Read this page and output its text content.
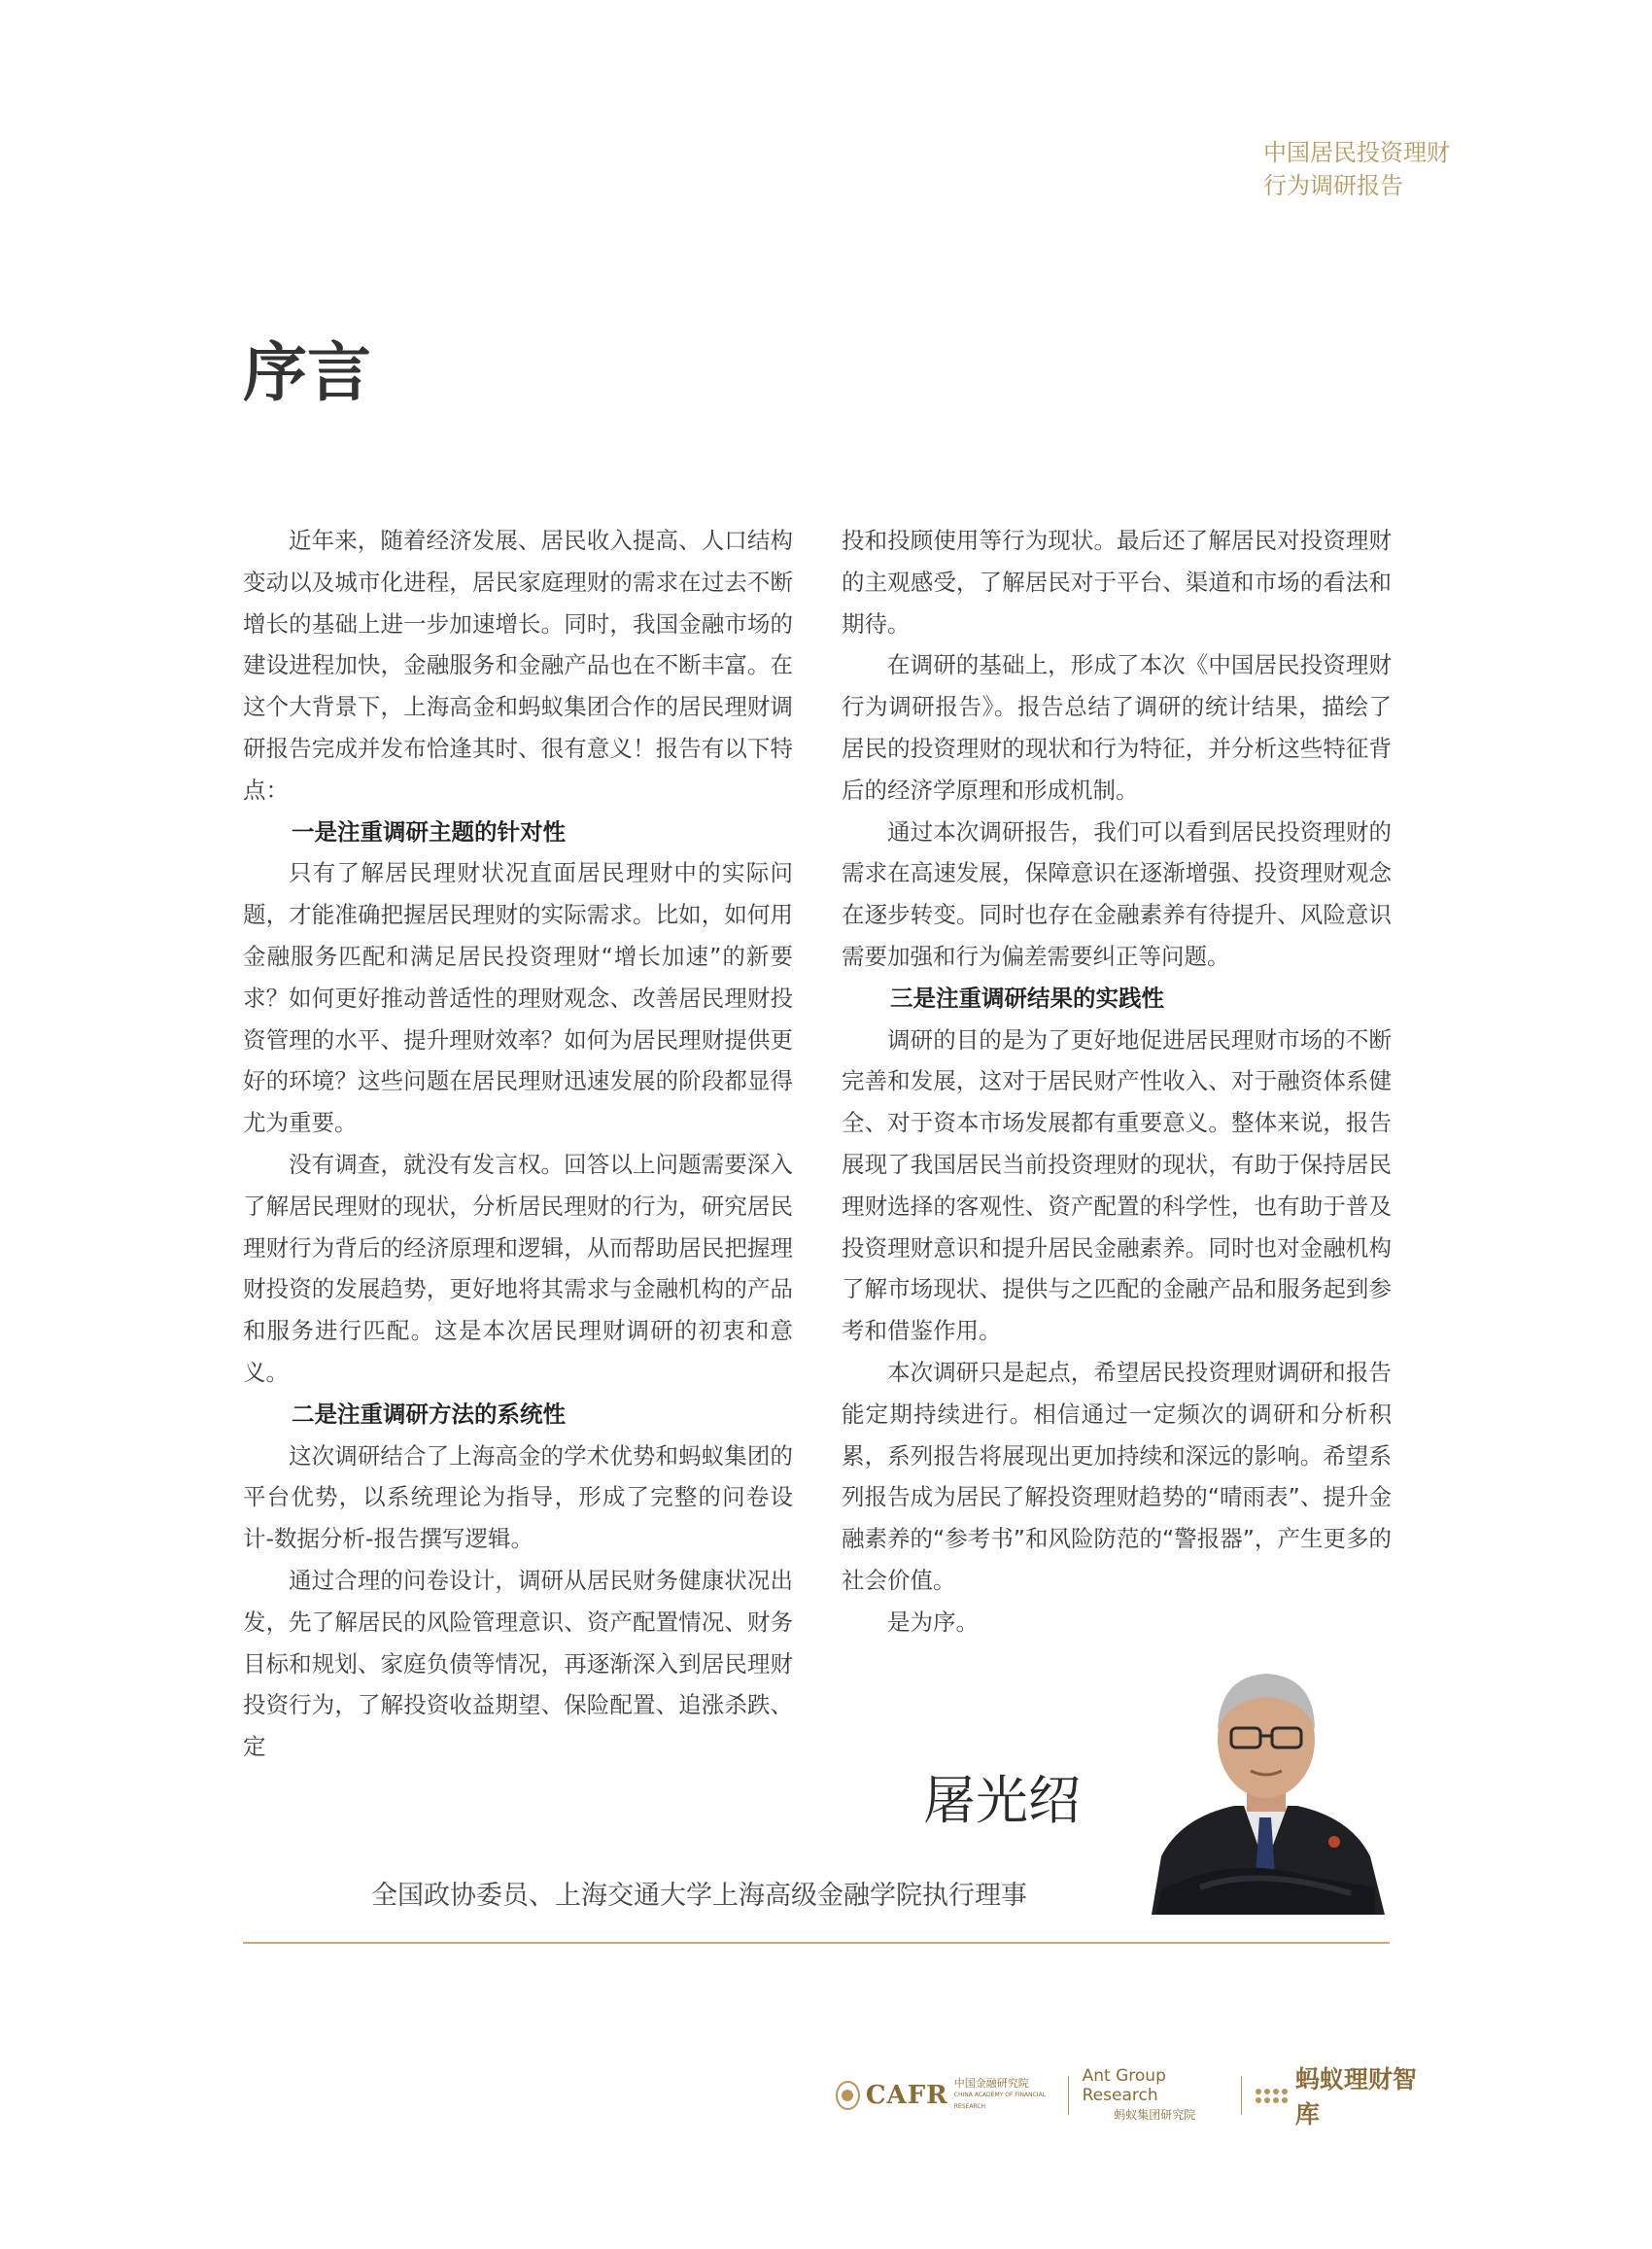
中国居民投资理财
行为调研报告
序言

近年来，随着经济发展、居民收入提高、人口结构变动以及城市化进程，居民家庭理财的需求在过去不断增长的基础上进一步加速增长。同时，我国金融市场的建设进程加快，金融服务和金融产品也在不断丰富。在这个大背景下，上海高金和蚂蚁集团合作的居民理财调研报告完成并发布恰逢其时、很有意义！报告有以下特点：

一是注重调研主题的针对性

只有了解居民理财状况直面居民理财中的实际问题，才能准确把握居民理财的实际需求。比如，如何用金融服务匹配和满足居民投资理财“增长加速”的新要求？如何更好推动普适性的理财观念、改善居民理财投资管理的水平、提升理财效率？如何为居民理财提供更好的环境？这些问题在居民理财迅速发展的阶段都显得尤为重要。

没有调查，就没有发言权。回答以上问题需要深入了解居民理财的现状，分析居民理财的行为，研究居民理财行为背后的经济原理和逻辑，从而帮助居民把握理财投资的发展趋势，更好地将其需求与金融机构的产品和服务进行匹配。这是本次居民理财调研的初衷和意义。

二是注重调研方法的系统性

这次调研结合了上海高金的学术优势和蚂蚁集团的平台优势，以系统理论为指导，形成了完整的问卷设计-数据分析-报告撰写逻辑。

通过合理的问卷设计，调研从居民财务健康状况出发，先了解居民的风险管理意识、资产配置情况、财务目标和规划、家庭负债等情况，再逐渐深入到居民理财投资行为，了解投资收益期望、保险配置、追涨杀跌、定

投和投顾使用等行为现状。最后还了解居民对投资理财的主观感受，了解居民对于平台、渠道和市场的看法和期待。

在调研的基础上，形成了本次《中国居民投资理财行为调研报告》。报告总结了调研的统计结果，描绘了居民的投资理财的现状和行为特征，并分析这些特征背后的经济学原理和形成机制。

通过本次调研报告，我们可以看到居民投资理财的需求在高速发展，保障意识在逐渐增强、投资理财观念在逐步转变。同时也存在金融素养有待提升、风险意识需要加强和行为偏差需要纠正等问题。

三是注重调研结果的实践性

调研的目的是为了更好地促进居民理财市场的不断完善和发展，这对于居民财产性收入、对于融资体系健全、对于资本市场发展都有重要意义。整体来说，报告展现了我国居民当前投资理财的现状，有助于保持居民理财选择的客观性、资产配置的科学性，也有助于普及投资理财意识和提升居民金融素养。同时也对金融机构了解市场现状、提供与之匹配的金融产品和服务起到参考和借鉴作用。

本次调研只是起点，希望居民投资理财调研和报告能定期持续进行。相信通过一定频次的调研和分析积累，系列报告将展现出更加持续和深远的影响。希望系列报告成为居民了解投资理财趋势的“晴雨表”、提升金融素养的“参考书”和风险防范的“警报器”，产生更多的社会价值。

是为序。

屠光绍
全国政协委员、上海交通大学上海高级金融学院执行理事
CAFR 中国金融研究院
CHINA ACADEMY OF FINANCIAL RESEARCH
Ant Group Research
蚂蚁集团研究院
蚂蚁理财智库
